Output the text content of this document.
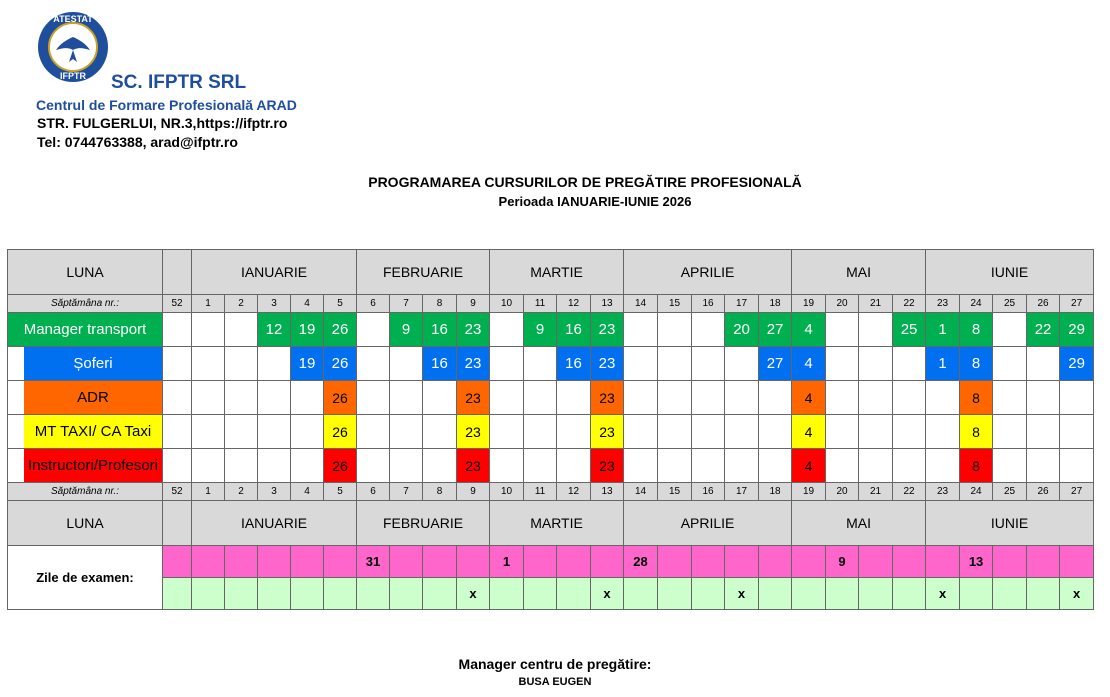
99
ATESTAT
IFPTR SC. IFPTR SRL
Centrul de Formare Profesională ARAD
STR. FULGERLUI, NR.3,https://ifptr.ro
Tel: 0744763388, arad@ifptr.ro
PROGRAMAREA CURSURILOR DE PREGĂTIRE PROFESIONALĂ
Perioada IANUARIE-IUNIE 2026
LUNA		IANUARIE					FEBRUARIE				MARTIE				APRILIE					MAI				IUNIE				
Săptămâna nr.:	52	1	2	3	4	5	6	7	8	9	10	11	12	13	14	15	16	17	18	19	20	21	22	23	24	25	26	27
Manager transport				12	19	26		9	16	23		9	16	23				20	27	4			25	1	8		22	29
Șoferi					19	26			16	23			16	23					27	4				1	8			29
ADR						26				23				23						4					8			
MT TAXI/ CA Taxi						26				23				23						4					8			
Instructori/Profesori						26				23				23						4					8			
Săptămâna nr.:	52	1	2	3	4	5	6	7	8	9	10	11	12	13	14	15	16	17	18	19	20	21	22	23	24	25	26	27
LUNA		IANUARIE					FEBRUARIE				MARTIE				APRILIE					MAI				IUNIE				
Zile de examen:							31				1				28						9				13			
										x				x				x						x				x
Manager centru de pregătire:
BUSA EUGEN
